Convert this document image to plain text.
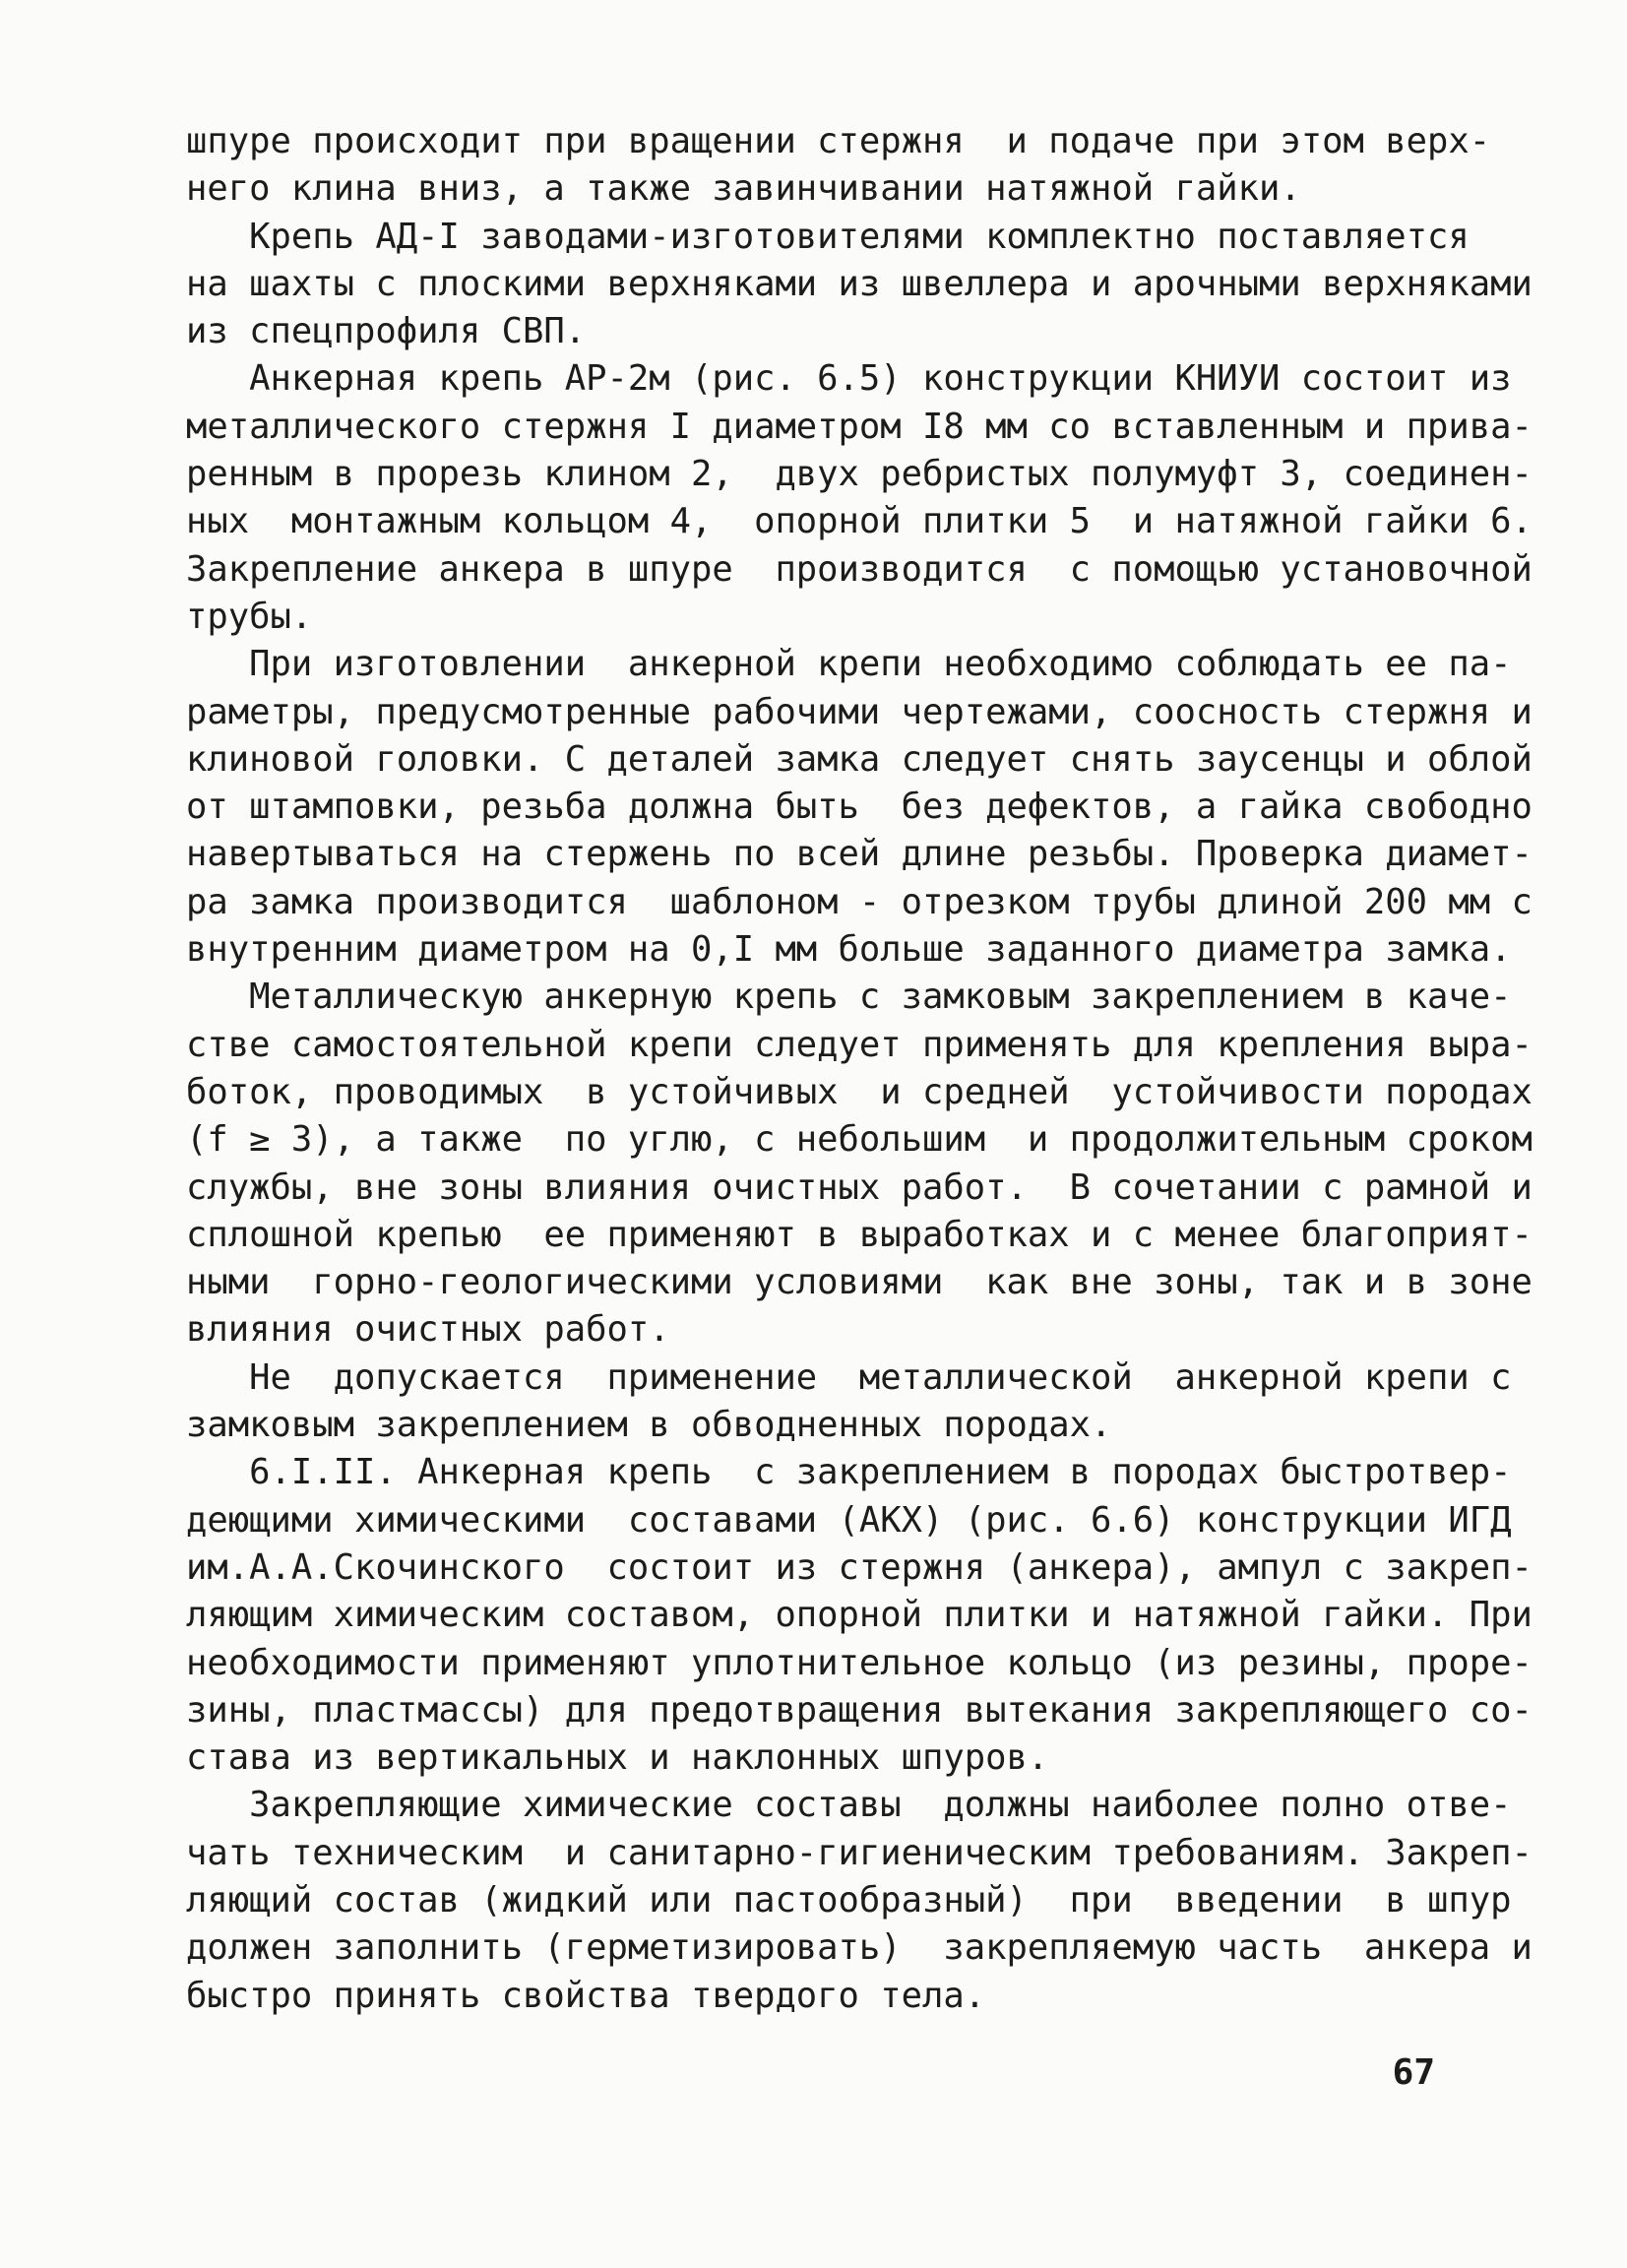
шпуре происходит при вращении стержня  и подаче при этом верх-
него клина вниз, а также завинчивании натяжной гайки.
Крепь АД-I заводами-изготовителями комплектно поставляется
на шахты с плоскими верхняками из швеллера и арочными верхняками
из спецпрофиля СВП.
Анкерная крепь АР-2м (рис. 6.5) конструкции КНИУИ состоит из
металлического стержня I диаметром I8 мм со вставленным и прива-
ренным в прорезь клином 2,  двух ребристых полумуфт 3, соединен-
ных  монтажным кольцом 4,  опорной плитки 5  и натяжной гайки 6.
Закрепление анкера в шпуре  производится  с помощью установочной
трубы.
При изготовлении  анкерной крепи необходимо соблюдать ее па-
раметры, предусмотренные рабочими чертежами, соосность стержня и
клиновой головки. С деталей замка следует снять заусенцы и облой
от штамповки, резьба должна быть  без дефектов, а гайка свободно
навертываться на стержень по всей длине резьбы. Проверка диамет-
ра замка производится  шаблоном - отрезком трубы длиной 200 мм с
внутренним диаметром на 0,I мм больше заданного диаметра замка.
Металлическую анкерную крепь с замковым закреплением в каче-
стве самостоятельной крепи следует применять для крепления выра-
боток, проводимых  в устойчивых  и средней  устойчивости породах
(f ≥ 3), а также  по углю, с небольшим  и продолжительным сроком
службы, вне зоны влияния очистных работ.  В сочетании с рамной и
сплошной крепью  ее применяют в выработках и с менее благоприят-
ными  горно-геологическими условиями  как вне зоны, так и в зоне
влияния очистных работ.
Не  допускается  применение  металлической  анкерной крепи с
замковым закреплением в обводненных породах.
6.I.II. Анкерная крепь  с закреплением в породах быстротвер-
деющими химическими  составами (АКХ) (рис. 6.6) конструкции ИГД
им.А.А.Скочинского  состоит из стержня (анкера), ампул с закреп-
ляющим химическим составом, опорной плитки и натяжной гайки. При
необходимости применяют уплотнительное кольцо (из резины, прорe-
зины, пластмассы) для предотвращения вытекания закрепляющего со-
става из вертикальных и наклонных шпуров.
Закрепляющие химические составы  должны наиболее полно отве-
чать техническим  и санитарно-гигиеническим требованиям. Закреп-
ляющий состав (жидкий или пастообразный)  при  введении  в шпур
должен заполнить (герметизировать)  закрепляемую часть  анкера и
быстро принять свойства твердого тела.
67
